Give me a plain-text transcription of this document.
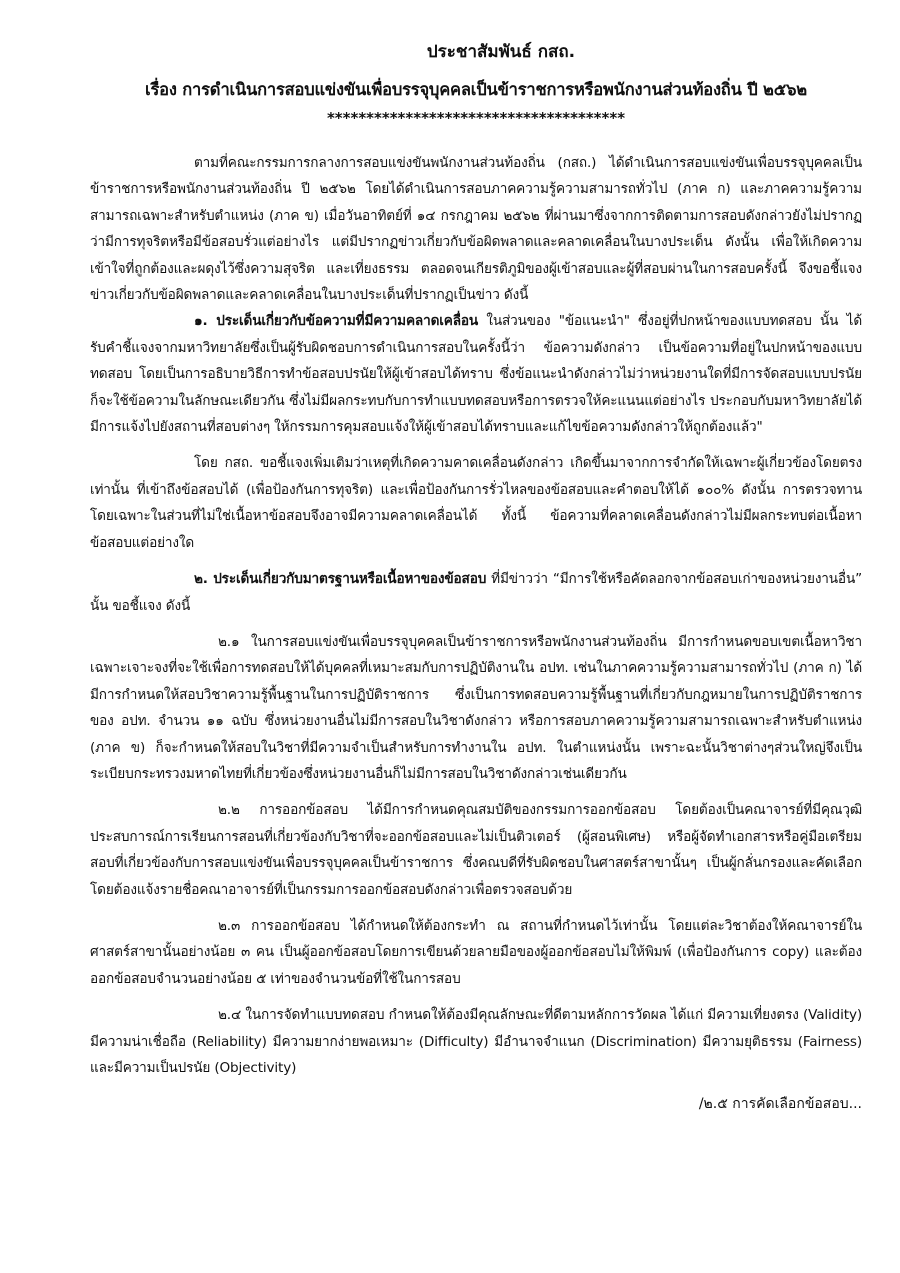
ประชาสัมพันธ์ กสถ.

เรื่อง การดำเนินการสอบแข่งขันเพื่อบรรจุบุคคลเป็นข้าราชการหรือพนักงานส่วนท้องถิ่น ปี ๒๕๖๒

**************************************

ตามที่คณะกรรมการกลางการสอบแข่งขันพนักงานส่วนท้องถิ่น (กสถ.) ได้ดำเนินการสอบแข่งขันเพื่อบรรจุบุคคลเป็นข้าราชการหรือพนักงานส่วนท้องถิ่น ปี ๒๕๖๒ โดยได้ดำเนินการสอบภาคความรู้ความสามารถทั่วไป (ภาค ก) และภาคความรู้ความสามารถเฉพาะสำหรับตำแหน่ง (ภาค ข) เมื่อวันอาทิตย์ที่ ๑๔ กรกฎาคม ๒๕๖๒ ที่ผ่านมาซึ่งจากการติดตามการสอบดังกล่าวยังไม่ปรากฏว่ามีการทุจริตหรือมีข้อสอบรั่วแต่อย่างไร แต่มีปรากฏข่าวเกี่ยวกับข้อผิดพลาดและคลาดเคลื่อนในบางประเด็น ดังนั้น เพื่อให้เกิดความเข้าใจที่ถูกต้องและผดุงไว้ซึ่งความสุจริต และเที่ยงธรรม ตลอดจนเกียรติภูมิของผู้เข้าสอบและผู้ที่สอบผ่านในการสอบครั้งนี้ จึงขอชี้แจงข่าวเกี่ยวกับข้อผิดพลาดและคลาดเคลื่อนในบางประเด็นที่ปรากฏเป็นข่าว ดังนี้

๑. ประเด็นเกี่ยวกับข้อความที่มีความคลาดเคลื่อน ในส่วนของ "ข้อแนะนำ" ซึ่งอยู่ที่ปกหน้าของแบบทดสอบ นั้น ได้รับคำชี้แจงจากมหาวิทยาลัยซึ่งเป็นผู้รับผิดชอบการดำเนินการสอบในครั้งนี้ว่า ข้อความดังกล่าว เป็นข้อความที่อยู่ในปกหน้าของแบบทดสอบ โดยเป็นการอธิบายวิธีการทำข้อสอบปรนัยให้ผู้เข้าสอบได้ทราบ ซึ่งข้อแนะนำดังกล่าวไม่ว่าหน่วยงานใดที่มีการจัดสอบแบบปรนัย ก็จะใช้ข้อความในลักษณะเดียวกัน ซึ่งไม่มีผลกระทบกับการทำแบบทดสอบหรือการตรวจให้คะแนนแต่อย่างไร ประกอบกับมหาวิทยาลัยได้มีการแจ้งไปยังสถานที่สอบต่างๆ ให้กรรมการคุมสอบแจ้งให้ผู้เข้าสอบได้ทราบและแก้ไขข้อความดังกล่าวให้ถูกต้องแล้ว"

โดย กสถ. ขอชี้แจงเพิ่มเติมว่าเหตุที่เกิดความคาดเคลื่อนดังกล่าว เกิดขึ้นมาจากการจำกัดให้เฉพาะผู้เกี่ยวข้องโดยตรงเท่านั้น ที่เข้าถึงข้อสอบได้ (เพื่อป้องกันการทุจริต) และเพื่อป้องกันการรั่วไหลของข้อสอบและคำตอบให้ได้ ๑๐๐% ดังนั้น การตรวจทานโดยเฉพาะในส่วนที่ไม่ใช่เนื้อหาข้อสอบจึงอาจมีความคลาดเคลื่อนได้ ทั้งนี้ ข้อความที่คลาดเคลื่อนดังกล่าวไม่มีผลกระทบต่อเนื้อหาข้อสอบแต่อย่างใด

๒. ประเด็นเกี่ยวกับมาตรฐานหรือเนื้อหาของข้อสอบ ที่มีข่าวว่า “มีการใช้หรือคัดลอกจากข้อสอบเก่าของหน่วยงานอื่น” นั้น ขอชี้แจง ดังนี้

๒.๑ ในการสอบแข่งขันเพื่อบรรจุบุคคลเป็นข้าราชการหรือพนักงานส่วนท้องถิ่น มีการกำหนดขอบเขตเนื้อหาวิชาเฉพาะเจาะจงที่จะใช้เพื่อการทดสอบให้ได้บุคคลที่เหมาะสมกับการปฏิบัติงานใน อปท. เช่นในภาคความรู้ความสามารถทั่วไป (ภาค ก) ได้มีการกำหนดให้สอบวิชาความรู้พื้นฐานในการปฏิบัติราชการ ซึ่งเป็นการทดสอบความรู้พื้นฐานที่เกี่ยวกับกฎหมายในการปฏิบัติราชการของ อปท. จำนวน ๑๑ ฉบับ ซึ่งหน่วยงานอื่นไม่มีการสอบในวิชาดังกล่าว หรือการสอบภาคความรู้ความสามารถเฉพาะสำหรับตำแหน่ง (ภาค ข) ก็จะกำหนดให้สอบในวิชาที่มีความจำเป็นสำหรับการทำงานใน อปท. ในตำแหน่งนั้น เพราะฉะนั้นวิชาต่างๆส่วนใหญ่จึงเป็นระเบียบกระทรวงมหาดไทยที่เกี่ยวข้องซึ่งหน่วยงานอื่นก็ไม่มีการสอบในวิชาดังกล่าวเช่นเดียวกัน

๒.๒ การออกข้อสอบ ได้มีการกำหนดคุณสมบัติของกรรมการออกข้อสอบ โดยต้องเป็นคณาจารย์ที่มีคุณวุฒิ ประสบการณ์การเรียนการสอนที่เกี่ยวข้องกับวิชาที่จะออกข้อสอบและไม่เป็นติวเตอร์ (ผู้สอนพิเศษ) หรือผู้จัดทำเอกสารหรือคู่มือเตรียมสอบที่เกี่ยวข้องกับการสอบแข่งขันเพื่อบรรจุบุคคลเป็นข้าราชการ ซึ่งคณบดีที่รับผิดชอบในศาสตร์สาขานั้นๆ เป็นผู้กลั่นกรองและคัดเลือก โดยต้องแจ้งรายชื่อคณาอาจารย์ที่เป็นกรรมการออกข้อสอบดังกล่าวเพื่อตรวจสอบด้วย

๒.๓ การออกข้อสอบ ได้กำหนดให้ต้องกระทำ ณ สถานที่กำหนดไว้เท่านั้น โดยแต่ละวิชาต้องให้คณาจารย์ในศาสตร์สาขานั้นอย่างน้อย ๓ คน เป็นผู้ออกข้อสอบโดยการเขียนด้วยลายมือของผู้ออกข้อสอบไม่ให้พิมพ์ (เพื่อป้องกันการ copy) และต้องออกข้อสอบจำนวนอย่างน้อย ๕ เท่าของจำนวนข้อที่ใช้ในการสอบ

๒.๔ ในการจัดทำแบบทดสอบ กำหนดให้ต้องมีคุณลักษณะที่ดีตามหลักการวัดผล ได้แก่ มีความเที่ยงตรง (Validity) มีความน่าเชื่อถือ (Reliability) มีความยากง่ายพอเหมาะ (Difficulty) มีอำนาจจำแนก (Discrimination) มีความยุติธรรม (Fairness) และมีความเป็นปรนัย (Objectivity)

/๒.๕ การคัดเลือกข้อสอบ...
